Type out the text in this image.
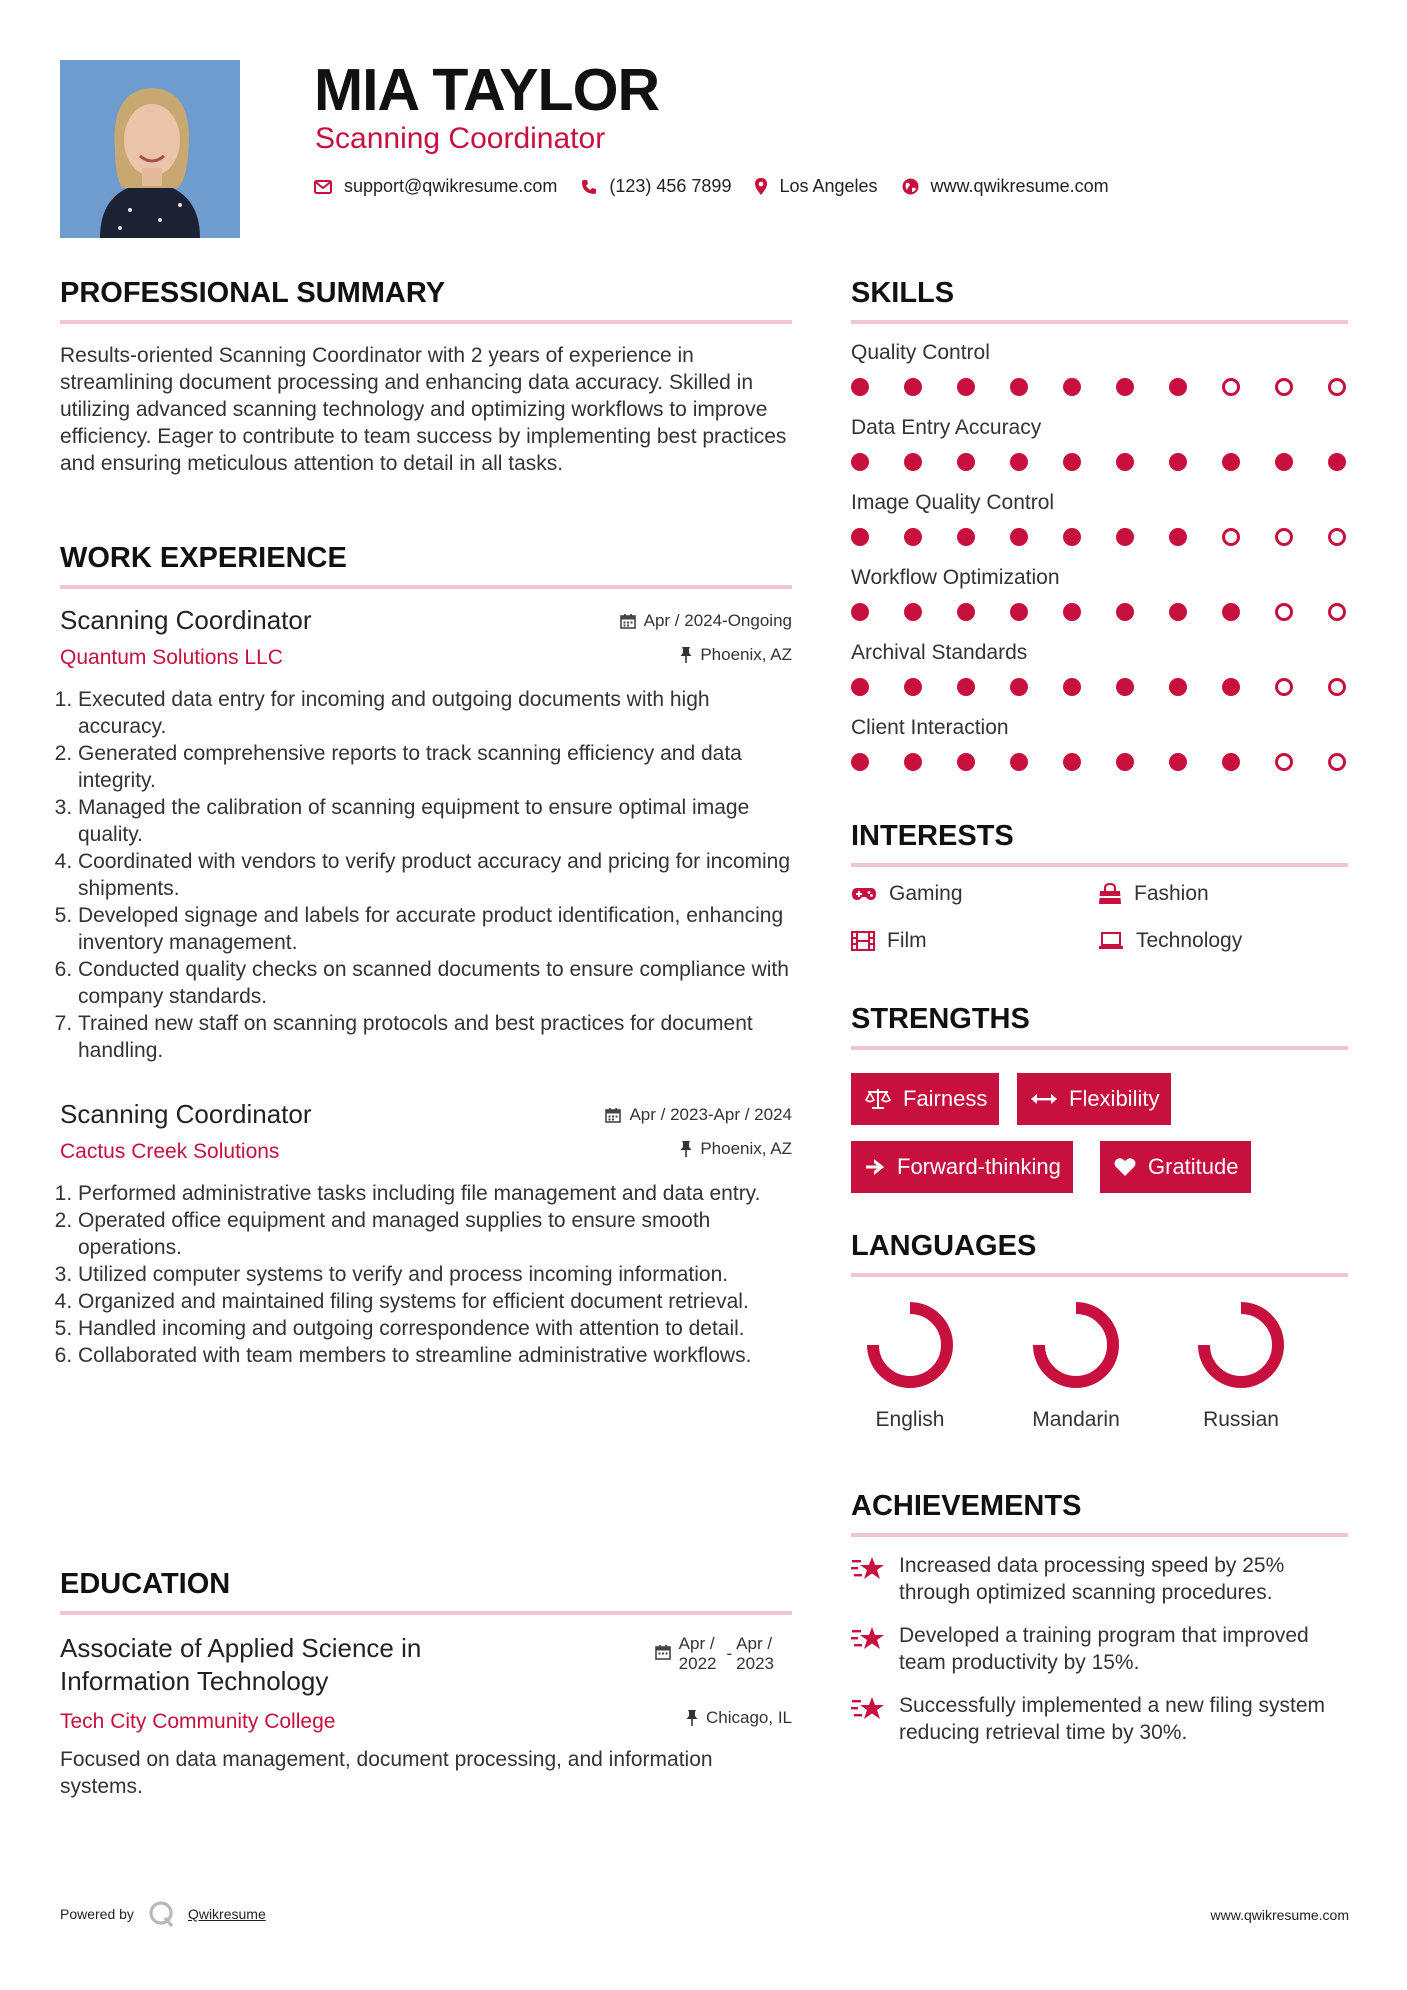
MIA TAYLOR
Scanning Coordinator
support@qwikresume.com	(123) 456 7899	Los Angeles	www.qwikresume.com
PROFESSIONAL SUMMARY
Results-oriented Scanning Coordinator with 2 years of experience in streamlining document processing and enhancing data accuracy. Skilled in utilizing advanced scanning technology and optimizing workflows to improve efficiency. Eager to contribute to team success by implementing best practices and ensuring meticulous attention to detail in all tasks.
WORK EXPERIENCE
Scanning Coordinator
Quantum Solutions LLC
Apr / 2024-Ongoing
Phoenix, AZ
1. Executed data entry for incoming and outgoing documents with high accuracy.
2. Generated comprehensive reports to track scanning efficiency and data integrity.
3. Managed the calibration of scanning equipment to ensure optimal image quality.
4. Coordinated with vendors to verify product accuracy and pricing for incoming shipments.
5. Developed signage and labels for accurate product identification, enhancing inventory management.
6. Conducted quality checks on scanned documents to ensure compliance with company standards.
7. Trained new staff on scanning protocols and best practices for document handling.
Scanning Coordinator
Cactus Creek Solutions
Apr / 2023-Apr / 2024
Phoenix, AZ
1. Performed administrative tasks including file management and data entry.
2. Operated office equipment and managed supplies to ensure smooth operations.
3. Utilized computer systems to verify and process incoming information.
4. Organized and maintained filing systems for efficient document retrieval.
5. Handled incoming and outgoing correspondence with attention to detail.
6. Collaborated with team members to streamline administrative workflows.
EDUCATION
Associate of Applied Science in
Information Technology
Tech City Community College
Apr /
2022
-
Apr /
2023
Chicago, IL
Focused on data management, document processing, and information systems.
SKILLS
Quality Control
Data Entry Accuracy
Image Quality Control
Workflow Optimization
Archival Standards
Client Interaction
INTERESTS
Gaming	Fashion
Film	Technology
STRENGTHS
Fairness	Flexibility
Forward-thinking	Gratitude
LANGUAGES
English	Mandarin	Russian
ACHIEVEMENTS
Increased data processing speed by 25% through optimized scanning procedures.
Developed a training program that improved team productivity by 15%.
Successfully implemented a new filing system reducing retrieval time by 30%.
Powered by	Qwikresume	www.qwikresume.com
